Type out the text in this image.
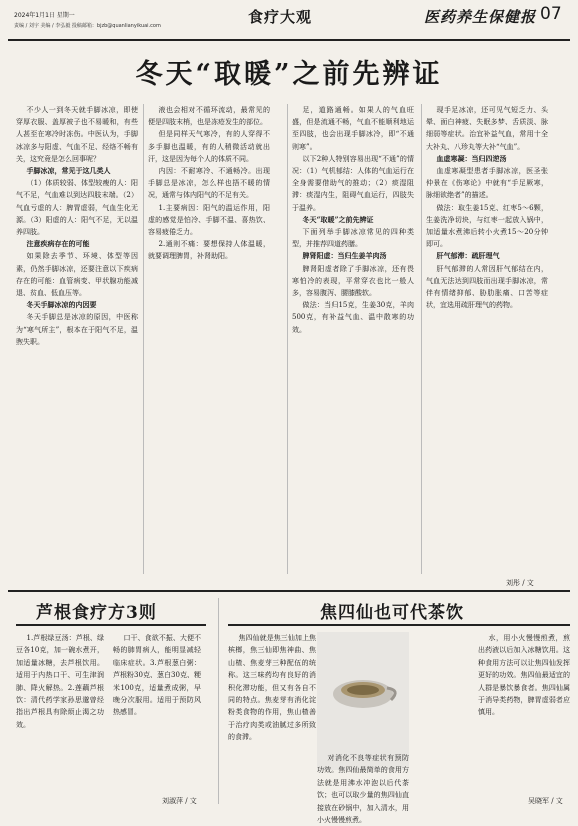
2024年1月1日 星期一
责编 / 刘宇 美编 / 李弘毅 投稿邮箱：bjzb@quanlianyikuai.com	食疗大观	医药养生保健报 07
冬天“取暖”之前先辨证

不少人一到冬天就手脚冰凉，即使穿厚衣服、盖厚被子也不易暖和，有些人甚至在寒冷时冻伤。中医认为，手脚冰凉多与阳虚、气血不足、经络不畅有关，这究竟是怎么回事呢？

手脚冰凉，常见于这几类人

（1）体质较弱、体型较瘦的人：阳气不足，气血难以到达四肢末端。（2）气血亏虚的人：脾胃虚弱，气血生化无源。（3）阳虚的人：阳气不足，无以温养四肢。

注意疾病存在的可能

如果除去季节、环境、体型等因素，仍然手脚冰凉，还要注意以下疾病存在的可能：血管病变、甲状腺功能减退、贫血、低血压等。

冬天手脚冰凉的内因要

冬天手脚总是冰凉的原因，中医称为“寒气所主”，根本在于阳气不足，温煦失职。

液也会相对不循环流动，最常见的便是四肢末梢，也是冻疮发生的部位。

但是同样天气寒冷，有的人穿得不多手脚也温暖，有的人稍微活动就出汗，这是因为每个人的体质不同。

内因：不耐寒冷、不通畅冷。出现手脚总是冰凉，怎么样也捂不暖的情况，通常与体内阳气的不足有关。

1.主要病因：阳气的温运作用，阳虚的感觉是怕冷、手脚不温、喜热饮、容易疲倦乏力。

2.通则不痛：要想保持人体温暖，就要调理脾胃，补肾助阳。

足，道路通畅。如果人的气血旺盛，但是流通不畅，气血不能顺利地运至四肢，也会出现手脚冰冷，即“不通则寒”。

以下2种人特别容易出现“不通”的情况：（1）气机郁结：人体的气血运行在全身需要借助气的推动；（2）痰湿阻滞：痰湿内生，阻碍气血运行，四肢失于温养。

冬天“取暖”之前先辨证

下面列举手脚冰凉常见的四种类型，并推荐四道药膳。

脾肾阳虚：当归生姜羊肉汤

脾肾阳虚者除了手脚冰凉，还有畏寒怕冷的表现，平常穿衣也比一般人多，容易腹泻、腰膝酸软。

做法：当归15克，生姜30克，羊肉500克，有补益气血、温中散寒的功效。

现手足冰凉，还可见气短乏力、头晕、面白神疲、失眠多梦、舌质淡、脉细弱等症状。治宜补益气血，常用十全大补丸、八珍丸等大补“气血”。

血虚寒凝：当归四逆汤

血虚寒凝型患者手脚冰凉，医圣张仲景在《伤寒论》中就有“手足厥寒，脉细欲绝者”的描述。

做法：取生姜15克、红枣5～6颗，生姜洗净切块，与红枣一起放入锅中，加适量水煮沸后转小火煮15～20分钟即可。

肝气郁滞：疏肝理气

肝气郁滞的人常因肝气郁结在内，气血无法达到四肢而出现手脚冰凉，常伴有情绪抑郁、胁肋胀痛、口苦等症状，宜选用疏肝理气的药物。

刘彤 / 文
芦根食疗方3则

1.芦根绿豆汤：芦根、绿豆各10克，加一碗水煮开，加适量冰糖，去芦根饮用。适用于内热口干、可生津润肺、降火解热。2.莲藕芦根饮：清代药学家孙思邈曾经指出芦根具有除烦止渴之功效。

口干、食欲不振、大便不畅的肺胃病人，能明显减轻临床症状。3.芦根葱白粥：芦根粉30克、葱白30克、粳米100克，适量煮成粥，早晚分次服用。适用于预防风热感冒。

刘淑萍 / 文
焦四仙也可代茶饮

焦四仙就是焦三仙加上焦槟榔，焦三仙即焦神曲、焦山楂、焦麦芽三种配伍的统称。这三味药均有良好的消积化滞功能，但又有各自不同的特点。焦麦芽有消化淀粉类食物的作用，焦山楂善于治疗肉类或油腻过多所致的食滞。

对消化不良等症状有预防功效。焦四仙最简单的食用方法就是用沸水冲泡以后代茶饮；也可以取少量的焦四仙直接放在砂锅中，加入清水，用小火慢慢煎煮。

水，用小火慢慢煎煮，煎出药液以后加入冰糖饮用。这种食用方法可以让焦四仙发挥更好的功效。焦四仙最适宜的人群是暴饮暴食者。焦四仙属于消导类药物，脾胃虚弱者应慎用。

吴晓军 / 文
